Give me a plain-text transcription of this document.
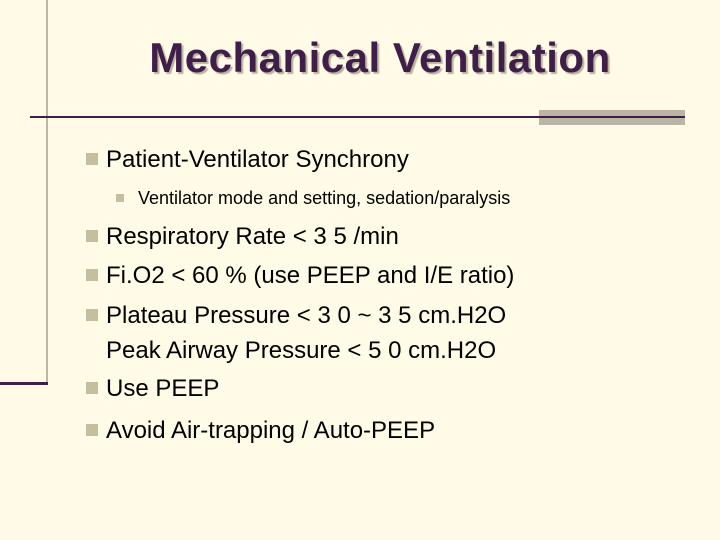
Mechanical Ventilation
Patient-Ventilator Synchrony
Ventilator mode and setting, sedation/paralysis
Respiratory Rate < 3 5 /min
Fi.O2 < 60 % (use PEEP and I/E ratio)
Plateau Pressure < 3 0 ~ 3 5 cm.H2O
Peak Airway Pressure < 5 0 cm.H2O
Use PEEP
Avoid Air-trapping / Auto-PEEP
